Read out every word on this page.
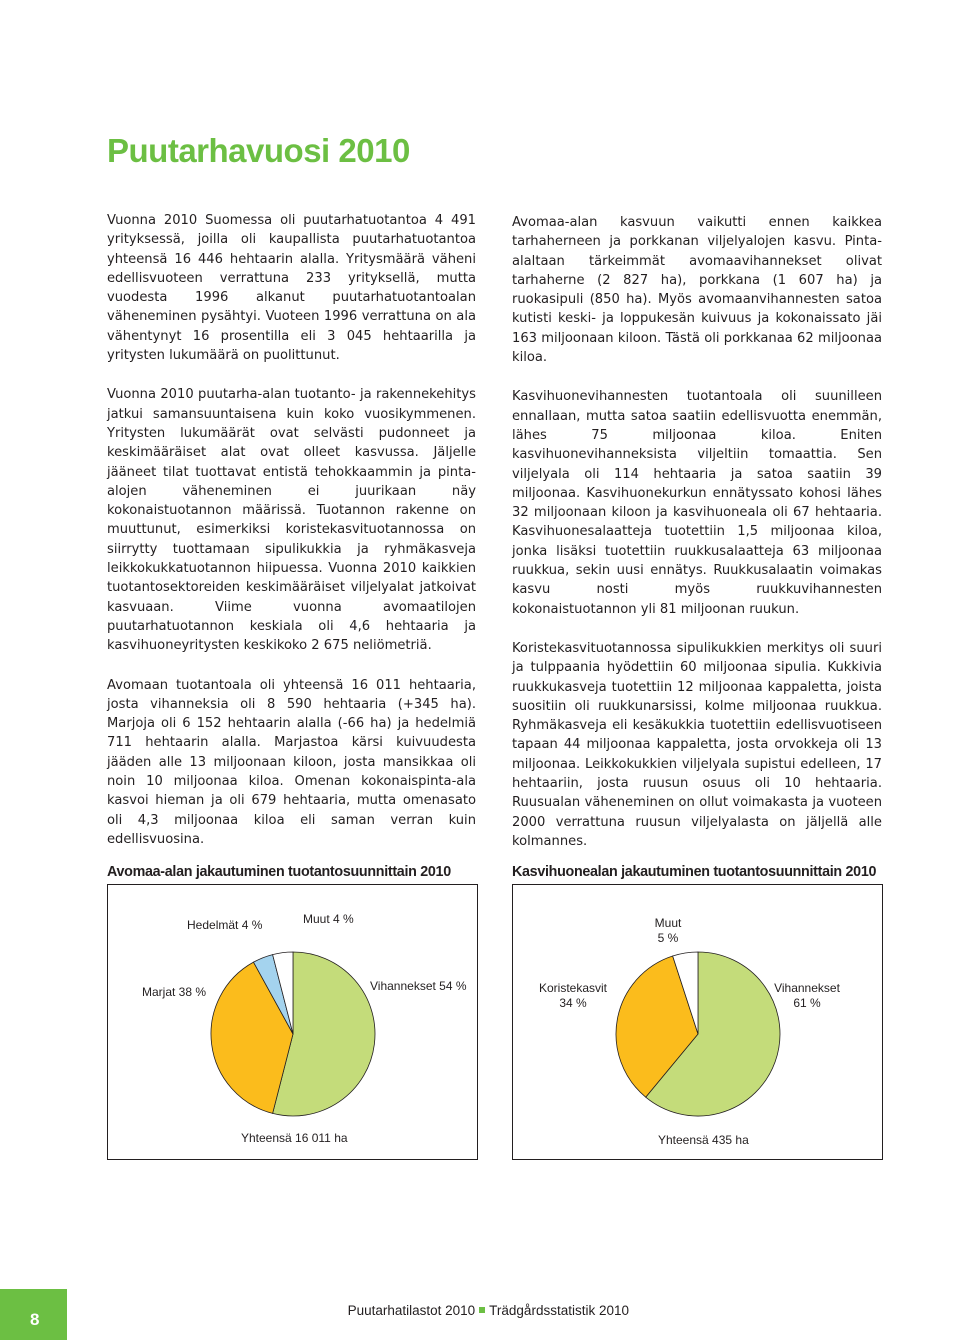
8
Puutarhavuosi 2010

Vuonna 2010 Suomessa oli puutarhatuotantoa 4 491 yrityksessä, joilla oli kaupallista puutarhatuotantoa yhteensä 16 446 hehtaarin alalla. Yritysmäärä väheni edellisvuoteen verrattuna 233 yrityksellä, mutta vuodesta 1996 alkanut puutarhatuotantoalan väheneminen pysähtyi. Vuoteen 1996 verrattuna on ala vähentynyt 16 prosentilla eli 3 045 hehtaarilla ja yritysten lukumäärä on puolittunut.

Vuonna 2010 puutarha-alan tuotanto- ja rakennekehitys jatkui samansuuntaisena kuin koko vuosikymmenen. Yritysten lukumäärät ovat selvästi pudonneet ja keskimääräiset alat ovat olleet kasvussa. Jäljelle jääneet tilat tuottavat entistä tehokkaammin ja pinta-alojen väheneminen ei juurikaan näy kokonaistuotannon määrissä. Tuotannon rakenne on muuttunut, esimerkiksi koristekasvituotannossa on siirrytty tuottamaan sipulikukkia ja ryhmäkasveja leikkokukkatuotannon hiipuessa. Vuonna 2010 kaikkien tuotantosektoreiden keskimääräiset viljelyalat jatkoivat kasvuaan. Viime vuonna avomaatilojen puutarhatuotannon keskiala oli 4,6 hehtaaria ja kasvihuoneyritysten keskikoko 2 675 neliömetriä.

Avomaan tuotantoala oli yhteensä 16 011 hehtaaria, josta vihanneksia oli 8 590 hehtaaria (+345 ha). Marjoja oli 6 152 hehtaarin alalla (-66 ha) ja hedelmiä 711 hehtaarin alalla. Marjastoa kärsi kuivuudesta jääden alle 13 miljoonaan kiloon, josta mansikkaa oli noin 10 miljoonaa kiloa. Omenan kokonaispinta-ala kasvoi hieman ja oli 679 hehtaaria, mutta omenasato oli 4,3 miljoonaa kiloa eli saman verran kuin edellisvuosina.

Avomaa-alan kasvuun vaikutti ennen kaikkea tarhaherneen ja porkkanan viljelyalojen kasvu. Pinta-alaltaan tärkeimmät avomaavihannekset olivat tarhaherne (2 827 ha), porkkana (1 607 ha) ja ruokasipuli (850 ha). Myös avomaanvihannesten satoa kutisti keski- ja loppukesän kuivuus ja kokonaissato jäi 163 miljoonaan kiloon. Tästä oli porkkanaa 62 miljoonaa kiloa.

Kasvihuonevihannesten tuotantoala oli suunilleen ennallaan, mutta satoa saatiin edellisvuotta enemmän, lähes 75 miljoonaa kiloa. Eniten kasvihuonevihanneksista viljeltiin tomaattia. Sen viljelyala oli 114 hehtaaria ja satoa saatiin 39 miljoonaa. Kasvihuonekurkun ennätyssato kohosi lähes 32 miljoonaan kiloon ja kasvihuoneala oli 67 hehtaaria. Kasvihuonesalaatteja tuotettiin 1,5 miljoonaa kiloa, jonka lisäksi tuotettiin ruukkusalaatteja 63 miljoonaa ruukkua, sekin uusi ennätys. Ruukkusalaatin voimakas kasvu nosti myös ruukkuvihannesten kokonaistuotannon yli 81 miljoonan ruukun.

Koristekasvituotannossa sipulikukkien merkitys oli suuri ja tulppaania hyödettiin 60 miljoonaa sipulia. Kukkivia ruukkukasveja tuotettiin 12 miljoonaa kappaletta, joista suositiin oli ruukkunarsissi, kolme miljoonaa ruukkua. Ryhmäkasveja eli kesäkukkia tuotettiin edellisvuotiseen tapaan 44 miljoonaa kappaletta, josta orvokkeja oli 13 miljoonaa. Leikkokukkien viljelyala supistui edelleen, 17 hehtaariin, josta ruusun osuus oli 10 hehtaaria. Ruusualan väheneminen on ollut voimakasta ja vuoteen 2000 verrattuna ruusun viljelyalasta on jäljellä alle kolmannes.

Avomaa-alan jakautuminen tuotantosuunnittain 2010
Hedelmät 4 %	Muut 4 %
Marjat 38 %	Vihannekset 54 %
Yhteensä 16 011 ha
Kasvihuonealan jakautuminen tuotantosuunnittain 2010
Muut 5 %
Koristekasvit 34 %
Vihannekset 61 %
Yhteensä 435 ha
Puutarhatilastot 2010 Trädgårdsstatistik 2010
